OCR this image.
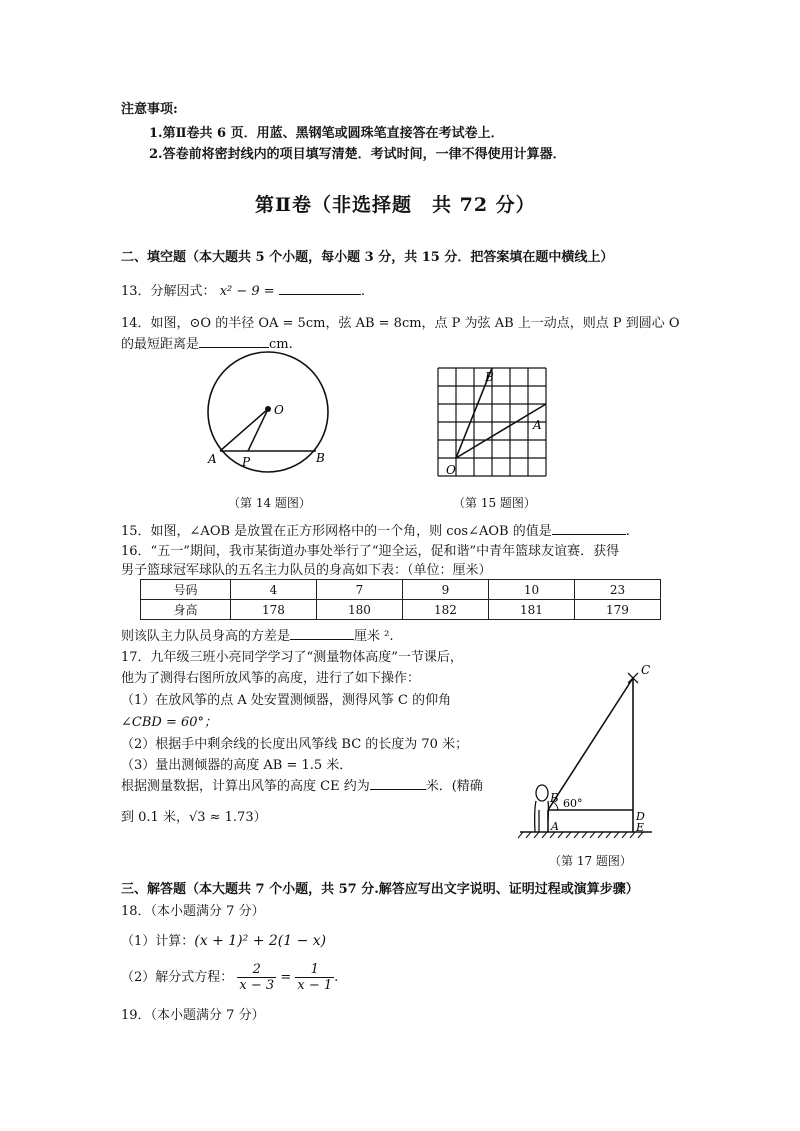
注意事项:
1.第Ⅱ卷共 6 页．用蓝、黑钢笔或圆珠笔直接答在考试卷上．
2.答卷前将密封线内的项目填写清楚．考试时间，一律不得使用计算器．
第Ⅱ卷（非选择题　共 72 分）
二、填空题（本大题共 5 个小题，每小题 3 分，共 15 分．把答案填在题中横线上）
13．分解因式： x² − 9 =	.
14．如图，⊙O 的半径 OA = 5cm，弦 AB = 8cm，点 P 为弦 AB 上一动点，则点 P 到圆心 O
的最短距离是	cm.
O
A P	B
（第 14 题图）
B
A
O
（第 15 题图）
15．如图，∠AOB 是放置在正方形网格中的一个角，则 cos∠AOB 的值是	.
16．“五一”期间，我市某街道办事处举行了“迎全运，促和谐”中青年篮球友谊赛．获得
男子篮球冠军球队的五名主力队员的身高如下表：（单位：厘米）
号码	4	7	9	10	23
身高	178	180	182	181	179
则该队主力队员身高的方差是	厘米 ².
17．九年级三班小亮同学学习了“测量物体高度”一节课后，
他为了测得右图所放风筝的高度，进行了如下操作：
（1）在放风筝的点 A 处安置测倾器，测得风筝 C 的仰角
∠CBD = 60°；
（2）根据手中剩余线的长度出风筝线 BC 的长度为 70 米；
（3）量出测倾器的高度 AB = 1.5 米．
根据测量数据，计算出风筝的高度 CE 约为	米．(精确
到 0.1 米，√3 ≈ 1.73）
C
B 60°
A
D
E
（第 17 题图）
三、解答题（本大题共 7 个小题，共 57 分.解答应写出文字说明、证明过程或演算步骤）
18．（本小题满分 7 分）
（1）计算：(x + 1)² + 2(1 − x)
（2）解分式方程： $\frac{2}{x - 3} = \frac{1}{x - 1}$ .
19．（本小题满分 7 分）
